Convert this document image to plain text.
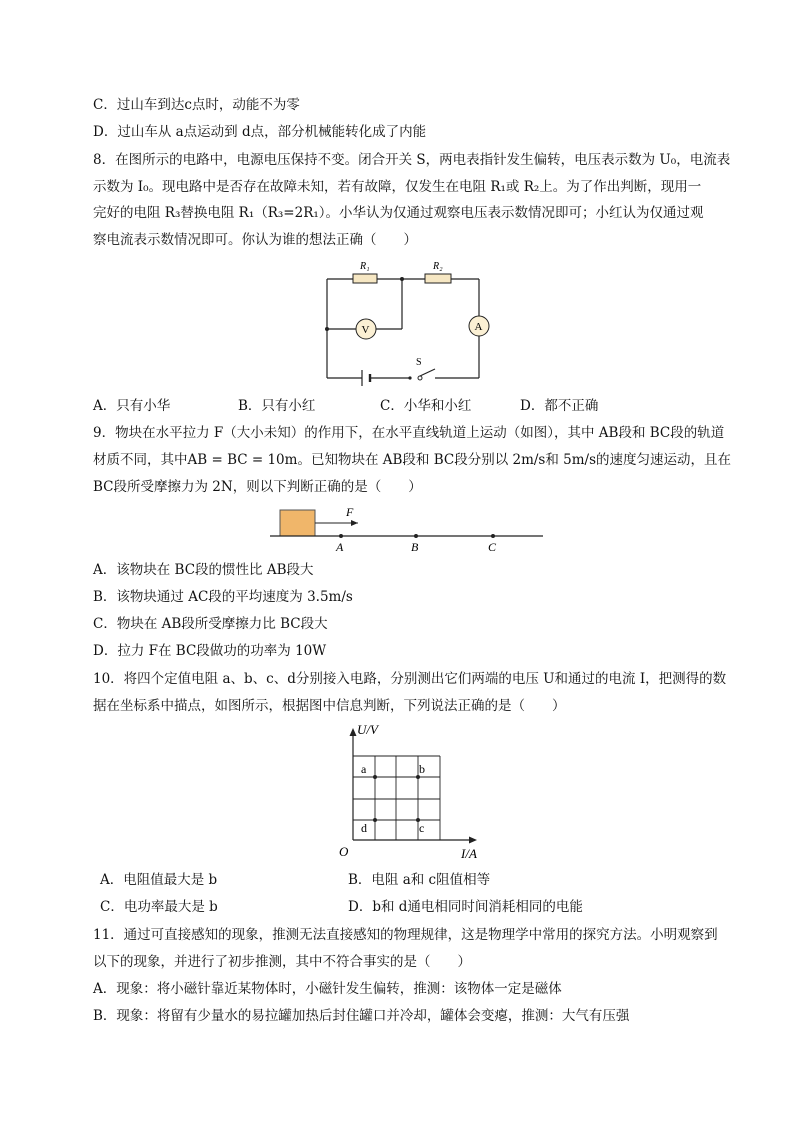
C．过山车到达c点时，动能不为零
D．过山车从 a点运动到 d点，部分机械能转化成了内能
8．在图所示的电路中，电源电压保持不变。闭合开关 S，两电表指针发生偏转，电压表示数为 U₀，电流表
示数为 I₀。现电路中是否存在故障未知，若有故障，仅发生在电阻 R₁或 R₂上。为了作出判断，现用一
完好的电阻 R₃替换电阻 R₁（R₃=2R₁）。小华认为仅通过观察电压表示数情况即可；小红认为仅通过观
察电流表示数情况即可。你认为谁的想法正确（　　）
R₁	R₂
V	A
S
A．只有小华	B．只有小红	C．小华和小红	D．都不正确
9．物块在水平拉力 F（大小未知）的作用下，在水平直线轨道上运动（如图），其中 AB段和 BC段的轨道
材质不同，其中AB = BC = 10m。已知物块在 AB段和 BC段分别以 2m/s和 5m/s的速度匀速运动，且在
BC段所受摩擦力为 2N，则以下判断正确的是（　　）
F
A	B	C
A．该物块在 BC段的惯性比 AB段大
B．该物块通过 AC段的平均速度为 3.5m/s
C．物块在 AB段所受摩擦力比 BC段大
D．拉力 F在 BC段做功的功率为 10W
10．将四个定值电阻 a、b、c、d分别接入电路，分别测出它们两端的电压 U和通过的电流 I，把测得的数
据在坐标系中描点，如图所示，根据图中信息判断，下列说法正确的是（　　）
U/V
I/A
O
a	b
c
d
A．电阻值最大是 b	B．电阻 a和 c阻值相等
C．电功率最大是 b	D．b和 d通电相同时间消耗相同的电能
11．通过可直接感知的现象，推测无法直接感知的物理规律，这是物理学中常用的探究方法。小明观察到
以下的现象，并进行了初步推测，其中不符合事实的是（　　）
A．现象：将小磁针靠近某物体时，小磁针发生偏转，推测：该物体一定是磁体
B．现象：将留有少量水的易拉罐加热后封住罐口并冷却，罐体会变瘪，推测：大气有压强
